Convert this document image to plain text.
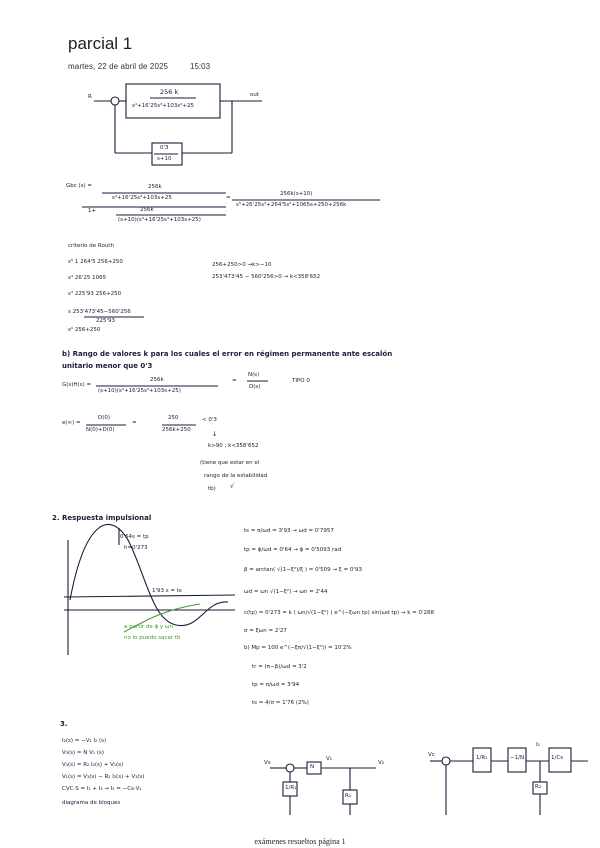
parcial 1
martes, 22 de abril de 2025	15:03
R
256 k
s⁴+16'25s³+103s²+25
out
0'3
s+10
Gbc (s) =	256k
s⁴+16'25s³+103s+25
1+	256k
(s+10)(s⁴+16'25s³+103s+25)
=
256k(s+10)
s⁵+26'25s⁴+264'5s³+1065s+250+256k
criterio de Routh
s⁵ 1 264'5 256+250
s⁴ 26'25 1065
s³ 225'93 256+250
s 253'473'45−560'256
225'93
s⁰ 256+250
256+250>0 →k>−10
253'473'45 − 560'256>0 → k<358'652
b) Rango de valores k para los cuales el error en régimen permanente ante escalón unitario menor que 0'3
G(s)H(s) =
256k
(s+10)(s⁴+16'25s³+103s+25)
=
N(s)
D(s)
TIPO 0
e(∞) =
D(0)
N(0)+D(0)
=
250
256k+250
< 0'3
↓
k>90 ; k<358'652
(tiene que estar en el
rango de la estabilidad
tb) √
2. Respuesta impulsional
0'64s = tp
h=0'273
1'93 s = ts
a partir de ϕ y ωn
no lo puedo sacar tb
ts = π/ωd = 3'93 → ωd = 0'7957
tp = ϕ/ωd = 0'64 → ϕ = 0'5093 rad
β = arctan( √(1−ξ²)/ξ ) = 0'509 → ξ = 0'93
ωd = ωn √(1−ξ²) → ωn = 2'44
c(tp) = 0'273 = k ( ωn/√(1−ξ²) ) e^(−ξωn tp) sin(ωd tp) → k = 0'288
σ = ξωn = 2'27
b) Mp = 100 e^(−ξπ/√(1−ξ²)) = 10'2%
tr = (π−β)/ωd = 3'2
tp = π/ωd = 3'94
ts = 4/σ = 1'76 (2%)
3.
I₂(s) = −V₁ I₂ (s)
V₃(s) = N V₁ (s)
V₃(s) = R₂ I₂(s) + V₁(s)
V₁(s) = V₃(s) − R₂ I₂(s) + V₃(s)
CVC·S = I₁ + I₃ → I₃ = −Cs·V₁
diagrama de bloques
Vs	V₂
N
1/R₁
R₂
V₁
Vc	1/R₁	−1/N	1/Cs
I₂
R₂
exámenes resueltos página 1
